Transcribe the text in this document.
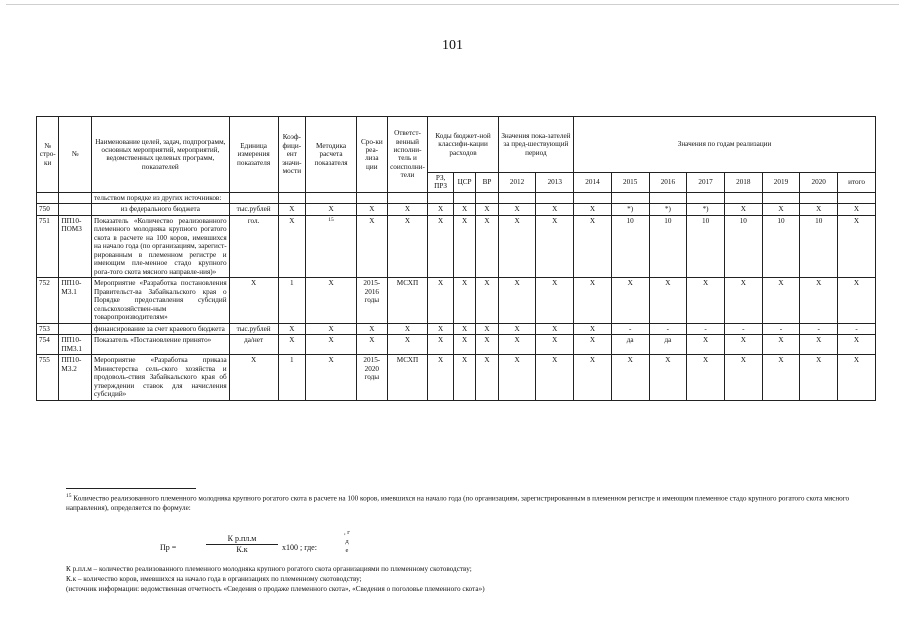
101
№ стро-ки	№	Наименование целей, задач, подпрограмм, основных мероприятий, мероприятий, ведомственных целевых программ, показателей	Единица измерения показателя	Коэф-фици-ент значи-мости	Методика расчета показателя	Сро-ки реа-лиза ции	Ответст-венный исполни-тель и соисполни-тели	Коды бюджет-ной классифи-кации расходов			Значения пока-зателей за пред-шествующий период		Значения по годам реализации							
								РЗ, ПРЗ	ЦСР	ВР	2012	2013	2014	2015	2016	2017	2018	2019	2020	итого
		тельством порядке из других источников:																		
750		из федерального бюджета	тыс.рублей	Х	Х	Х	Х	Х	Х	Х	Х	Х	Х	*)	*)	*)	Х	Х	Х	Х
751	ПП10-ПОМ3	Показатель «Количество реализованного племенного молодняка крупного рогатого скота в расчете на 100 коров, имевшихся на начало года (по организациям, зарегист-рированным в племенном регистре и имеющим пле-менное стадо крупного рога-того скота мясного направле-ния)»	гол.	Х	15	Х	Х	Х	Х	Х	Х	Х	Х	10	10	10	10	10	10	Х
752	ПП10-М3.1	Мероприятие «Разработка постановления Правительст-ва Забайкальского края о Порядке предоставления субсидий сельскохозяйствен-ным товаропроизводителям»	Х	1	Х	2015-2016 годы	МСХП	Х	Х	Х	Х	Х	Х	Х	Х	Х	Х	Х	Х	Х
753		финансирование за счет краевого бюджета	тыс.рублей	Х	Х	Х	Х	Х	Х	Х	Х	Х	Х	-	-	-	-	-	-	-
754	ПП10-ПМ3.1	Показатель «Постановление принято»	да/нет	Х	Х	Х	Х	Х	Х	Х	Х	Х	Х	да	да	Х	Х	Х	Х	Х
755	ПП10-М3.2	Мероприятие «Разработка приказа Министерства сель-ского хозяйства и продоволь-ствия Забайкальского края об утверждении ставок для начисления субсидий»	Х	1	Х	2015-2020 годы	МСХП	Х	Х	Х	Х	Х	Х	Х	Х	Х	Х	Х	Х	Х
$^{15}$ Количество реализованного племенного молодняка крупного рогатого скота в расчете на 100 коров, имевшихся на начало года (по организациям, зарегистрированным в племенном регистре и имеющим племенное стадо крупного рогатого скота мясного направления), определяется по формуле:
Пр =
К р.пл.м
К.к	х100 ; где:
, г д е
К р.пл.м – количество реализованного племенного молодняка крупного рогатого скота организациями по племенному скотоводству;
К.к – количество коров, имевшихся на начало года в организациях по племенному скотоводству;
(источник информации: ведомственная отчетность «Сведения о продаже племенного скота», «Сведения о поголовье племенного скота»)
